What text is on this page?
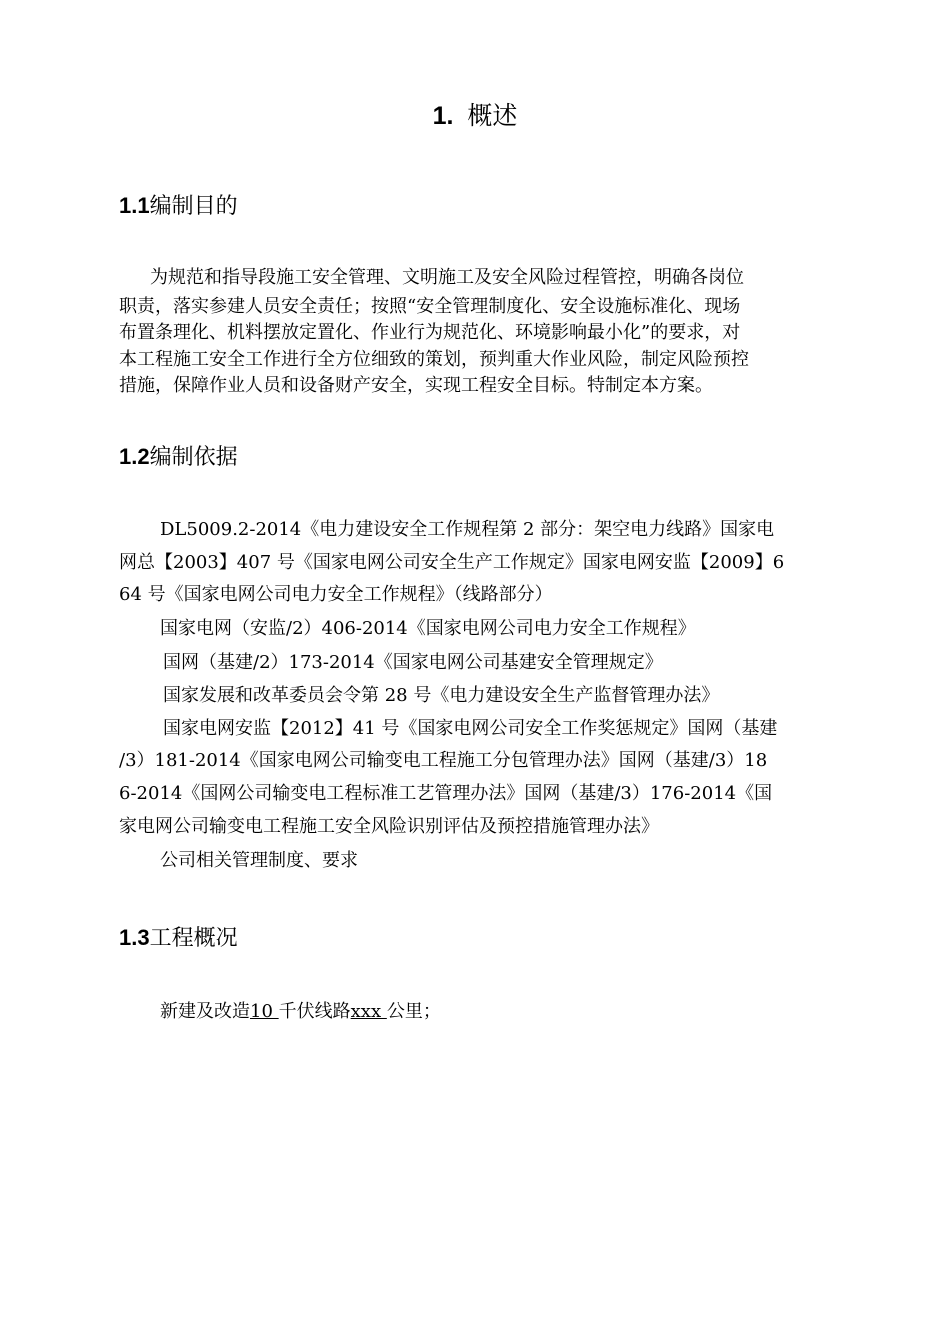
1. 概述
1.1编制目的

为规范和指导段施工安全管理、文明施工及安全风险过程管控，明确各岗位

职责，落实参建人员安全责任；按照“安全管理制度化、安全设施标准化、现场

布置条理化、机料摆放定置化、作业行为规范化、环境影响最小化”的要求，对

本工程施工安全工作进行全方位细致的策划，预判重大作业风险，制定风险预控

措施，保障作业人员和设备财产安全，实现工程安全目标。特制定本方案。

1.2编制依据

DL5009.2-2014《电力建设安全工作规程第 2 部分：架空电力线路》国家电

网总【2003】407 号《国家电网公司安全生产工作规定》国家电网安监【2009】6

64 号《国家电网公司电力安全工作规程》（线路部分）

国家电网（安监/2）406-2014《国家电网公司电力安全工作规程》

国网（基建/2）173-2014《国家电网公司基建安全管理规定》

国家发展和改革委员会令第 28 号《电力建设安全生产监督管理办法》

国家电网安监【2012】41 号《国家电网公司安全工作奖惩规定》国网（基建

/3）181-2014《国家电网公司输变电工程施工分包管理办法》国网（基建/3）18

6-2014《国网公司输变电工程标准工艺管理办法》国网（基建/3）176-2014《国

家电网公司输变电工程施工安全风险识别评估及预控措施管理办法》

公司相关管理制度、要求

1.3工程概况

新建及改造10 千伏线路xxx 公里；
